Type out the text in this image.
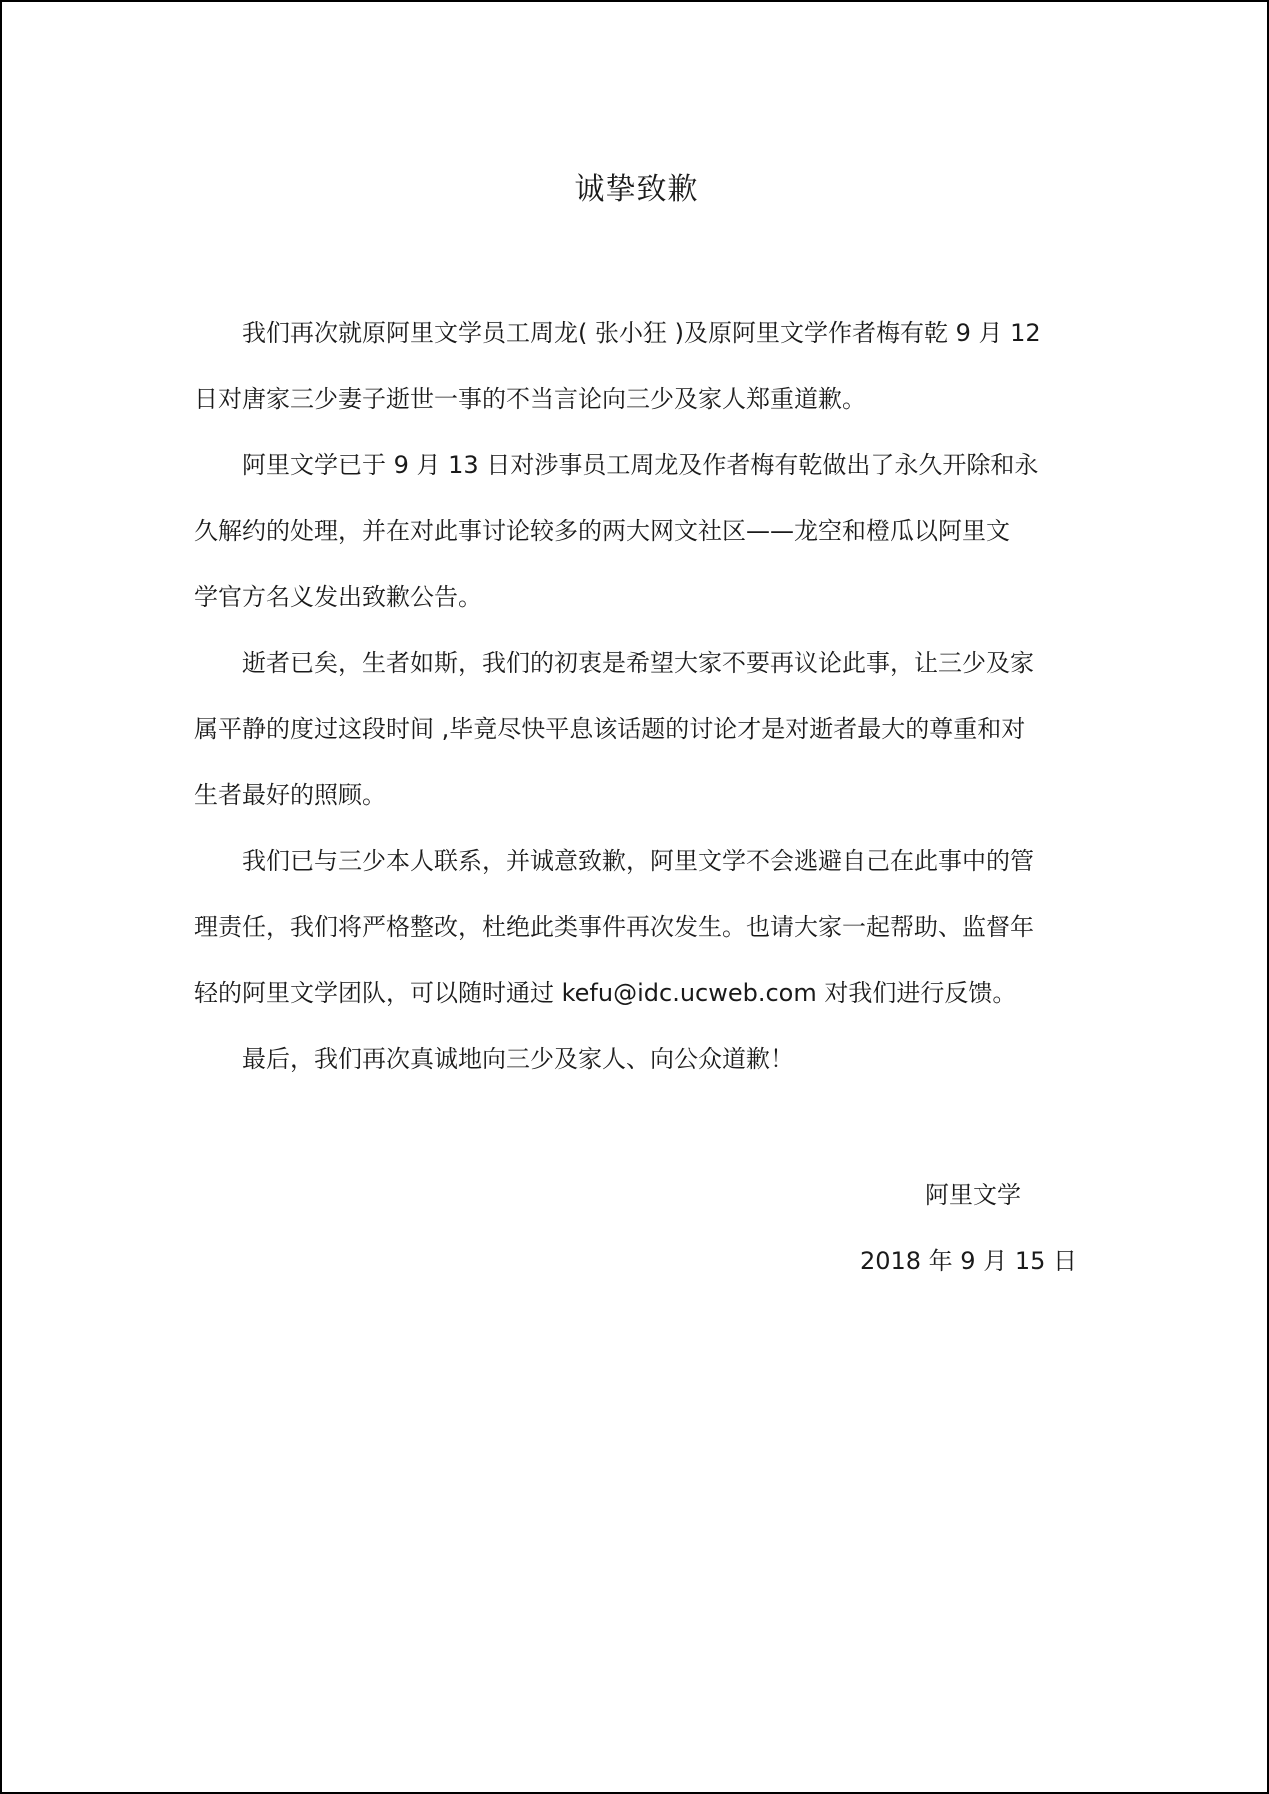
诚挚致歉

我们再次就原阿里文学员工周龙( 张小狂 )及原阿里文学作者梅有乾 9 月 12
日对唐家三少妻子逝世一事的不当言论向三少及家人郑重道歉。

阿里文学已于 9 月 13 日对涉事员工周龙及作者梅有乾做出了永久开除和永
久解约的处理，并在对此事讨论较多的两大网文社区——龙空和橙瓜以阿里文
学官方名义发出致歉公告。

逝者已矣，生者如斯，我们的初衷是希望大家不要再议论此事，让三少及家
属平静的度过这段时间 ,毕竟尽快平息该话题的讨论才是对逝者最大的尊重和对
生者最好的照顾。

我们已与三少本人联系，并诚意致歉，阿里文学不会逃避自己在此事中的管
理责任，我们将严格整改，杜绝此类事件再次发生。也请大家一起帮助、监督年
轻的阿里文学团队，可以随时通过 kefu@idc.ucweb.com 对我们进行反馈。

最后，我们再次真诚地向三少及家人、向公众道歉！

阿里文学
2018 年 9 月 15 日
